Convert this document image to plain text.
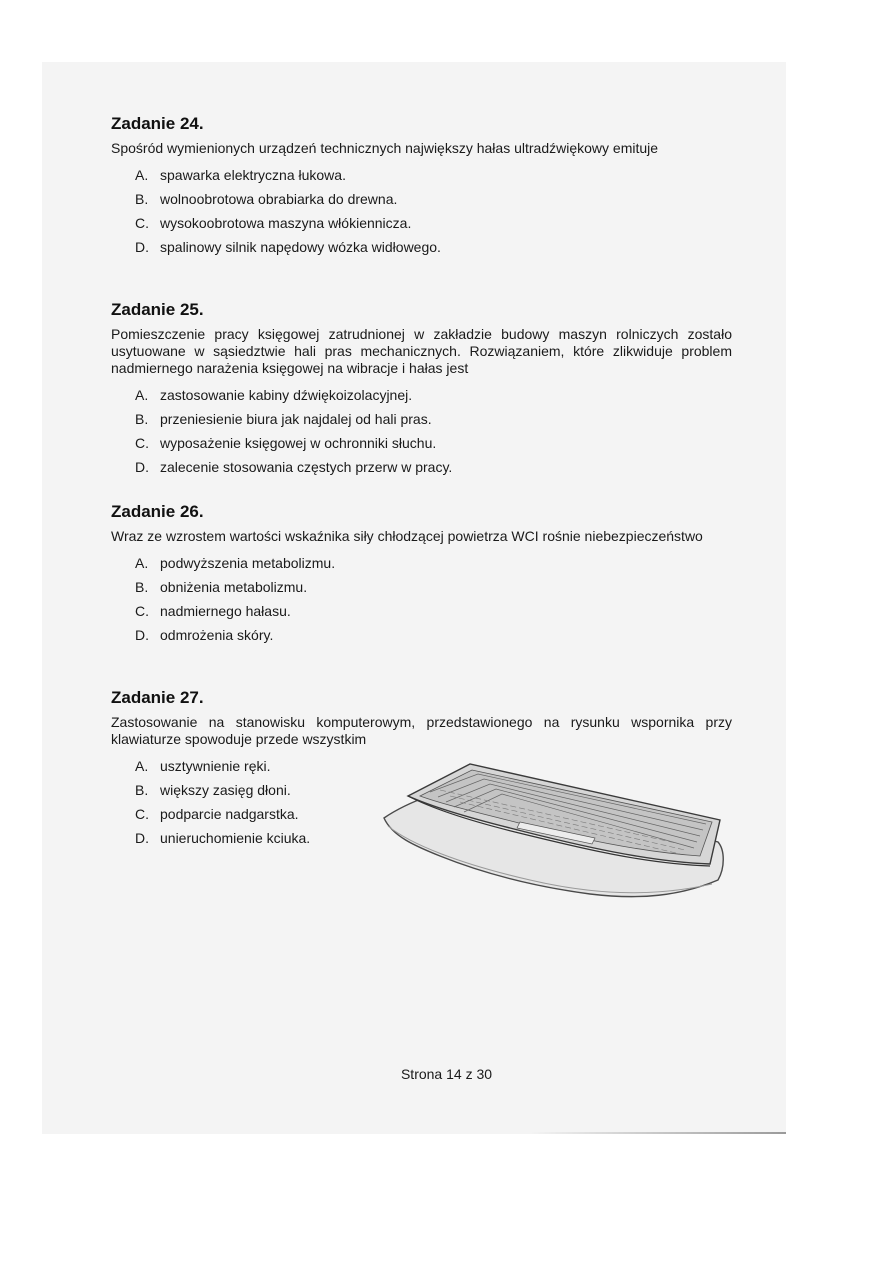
Zadanie 24.

Spośród wymienionych urządzeń technicznych największy hałas ultradźwiękowy emituje

A. spawarka elektryczna łukowa.
B. wolnoobrotowa obrabiarka do drewna.
C. wysokoobrotowa maszyna włókiennicza.
D. spalinowy silnik napędowy wózka widłowego.
Zadanie 25.

Pomieszczenie pracy księgowej zatrudnionej w zakładzie budowy maszyn rolniczych zostało usytuowane w sąsiedztwie hali pras mechanicznych. Rozwiązaniem, które zlikwiduje problem nadmiernego narażenia księgowej na wibracje i hałas jest

A. zastosowanie kabiny dźwiękoizolacyjnej.
B. przeniesienie biura jak najdalej od hali pras.
C. wyposażenie księgowej w ochronniki słuchu.
D. zalecenie stosowania częstych przerw w pracy.
Zadanie 26.

Wraz ze wzrostem wartości wskaźnika siły chłodzącej powietrza WCI rośnie niebezpieczeństwo

A. podwyższenia metabolizmu.
B. obniżenia metabolizmu.
C. nadmiernego hałasu.
D. odmrożenia skóry.
Zadanie 27.

Zastosowanie na stanowisku komputerowym, przedstawionego na rysunku wspornika przy klawiaturze spowoduje przede wszystkim

A. usztywnienie ręki.
B. większy zasięg dłoni.
C. podparcie nadgarstka.
D. unieruchomienie kciuka.
Strona 14 z 30
